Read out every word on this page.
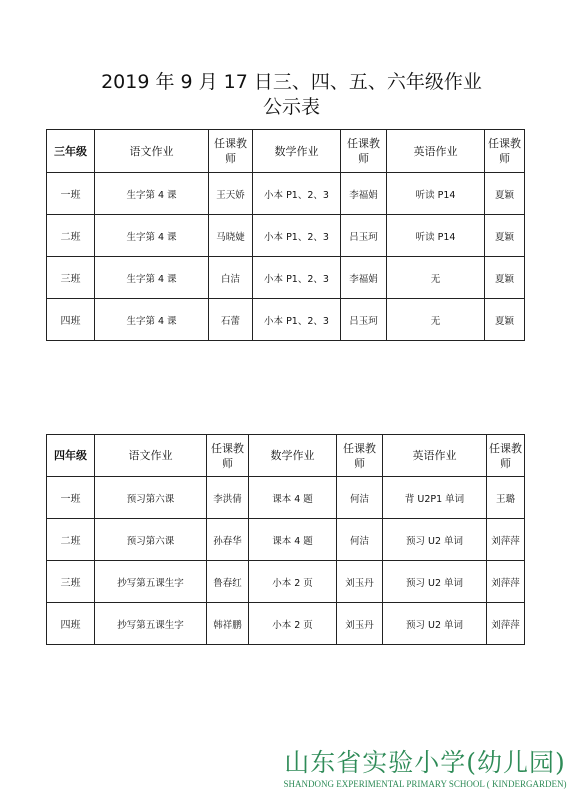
2019 年 9 月 17 日三、四、五、六年级作业
公示表
三年级	语文作业	任课教师	数学作业	任课教师	英语作业	任课教师
一班	生字第 4 课	王天娇	小本 P1、2、3	李福娟	听读 P14	夏颖
二班	生字第 4 课	马晓婕	小本 P1、2、3	吕玉珂	听读 P14	夏颖
三班	生字第 4 课	白洁	小本 P1、2、3	李福娟	无	夏颖
四班	生字第 4 课	石蕾	小本 P1、2、3	吕玉珂	无	夏颖
四年级	语文作业	任课教师	数学作业	任课教师	英语作业	任课教师
一班	预习第六课	李洪倩	课本 4 题	何洁	背 U2P1 单词	王璐
二班	预习第六课	孙春华	课本 4 题	何洁	预习 U2 单词	刘萍萍
三班	抄写第五课生字	鲁春红	小本 2 页	刘玉丹	预习 U2 单词	刘萍萍
四班	抄写第五课生字	韩祥鹏	小本 2 页	刘玉丹	预习 U2 单词	刘萍萍
山东省实验小学(幼儿园)
SHANDONG EXPERIMENTAL PRIMARY SCHOOL ( KINDERGARDEN)
